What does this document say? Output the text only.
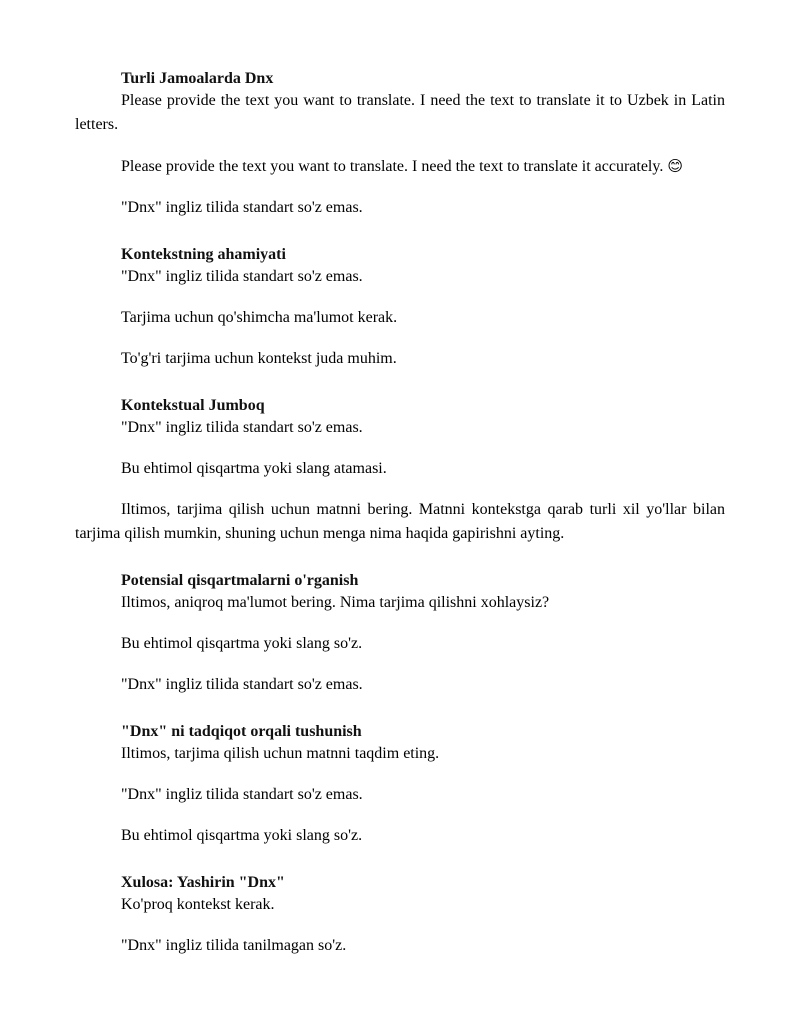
Turli Jamoalarda Dnx

Please provide the text you want to translate. I need the text to translate it to Uzbek in Latin letters.

Please provide the text you want to translate. I need the text to translate it accurately. 😊

"Dnx" ingliz tilida standart so'z emas.

Kontekstning ahamiyati

"Dnx" ingliz tilida standart so'z emas.

Tarjima uchun qo'shimcha ma'lumot kerak.

To'g'ri tarjima uchun kontekst juda muhim.

Kontekstual Jumboq

"Dnx" ingliz tilida standart so'z emas.

Bu ehtimol qisqartma yoki slang atamasi.

Iltimos, tarjima qilish uchun matnni bering. Matnni kontekstga qarab turli xil yo'llar bilan tarjima qilish mumkin, shuning uchun menga nima haqida gapirishni ayting.

Potensial qisqartmalarni o'rganish

Iltimos, aniqroq ma'lumot bering. Nima tarjima qilishni xohlaysiz?

Bu ehtimol qisqartma yoki slang so'z.

"Dnx" ingliz tilida standart so'z emas.

"Dnx" ni tadqiqot orqali tushunish

Iltimos, tarjima qilish uchun matnni taqdim eting.

"Dnx" ingliz tilida standart so'z emas.

Bu ehtimol qisqartma yoki slang so'z.

Xulosa: Yashirin "Dnx"

Ko'proq kontekst kerak.

"Dnx" ingliz tilida tanilmagan so'z.
